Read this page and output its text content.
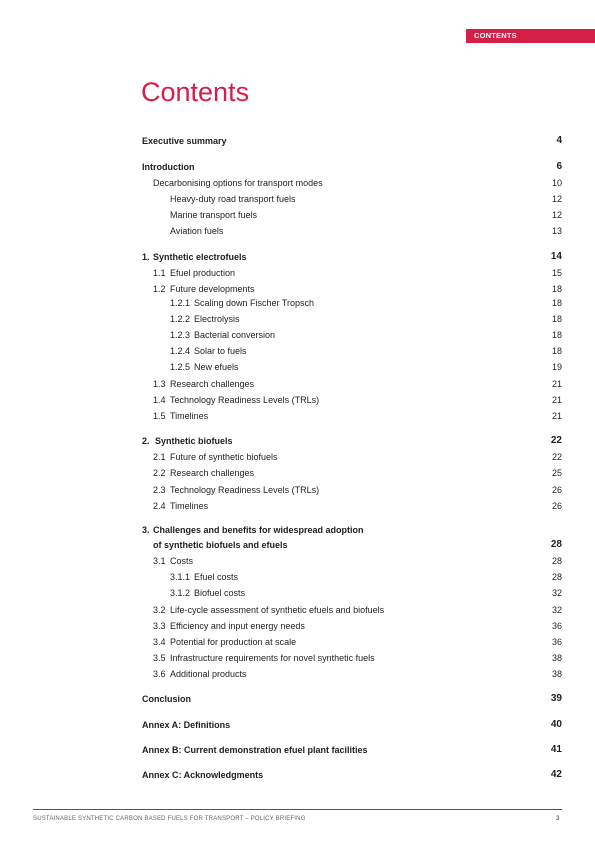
CONTENTS
Contents
Executive summary	4
Introduction	6
Decarbonising options for transport modes	10
Heavy-duty road transport fuels	12
Marine transport fuels	12
Aviation fuels	13
1. Synthetic electrofuels	14
1.1 Efuel production	15
1.2 Future developments	18
1.2.1 Scaling down Fischer Tropsch	18
1.2.2 Electrolysis	18
1.2.3 Bacterial conversion	18
1.2.4 Solar to fuels	18
1.2.5 New efuels	19
1.3 Research challenges	21
1.4 Technology Readiness Levels (TRLs)	21
1.5 Timelines	21
2. Synthetic biofuels	22
2.1 Future of synthetic biofuels	22
2.2 Research challenges	25
2.3 Technology Readiness Levels (TRLs)	26
2.4 Timelines	26
3. Challenges and benefits for widespread adoption
of synthetic biofuels and efuels	28
3.1 Costs	28
3.1.1 Efuel costs	28
3.1.2 Biofuel costs	32
3.2 Life-cycle assessment of synthetic efuels and biofuels	32
3.3 Efficiency and input energy needs	36
3.4 Potential for production at scale	36
3.5 Infrastructure requirements for novel synthetic fuels	38
3.6 Additional products	38
Conclusion	39
Annex A: Definitions	40
Annex B: Current demonstration efuel plant facilities	41
Annex C: Acknowledgments	42
SUSTAINABLE SYNTHETIC CARBON BASED FUELS FOR TRANSPORT – POLICY BRIEFING	3
